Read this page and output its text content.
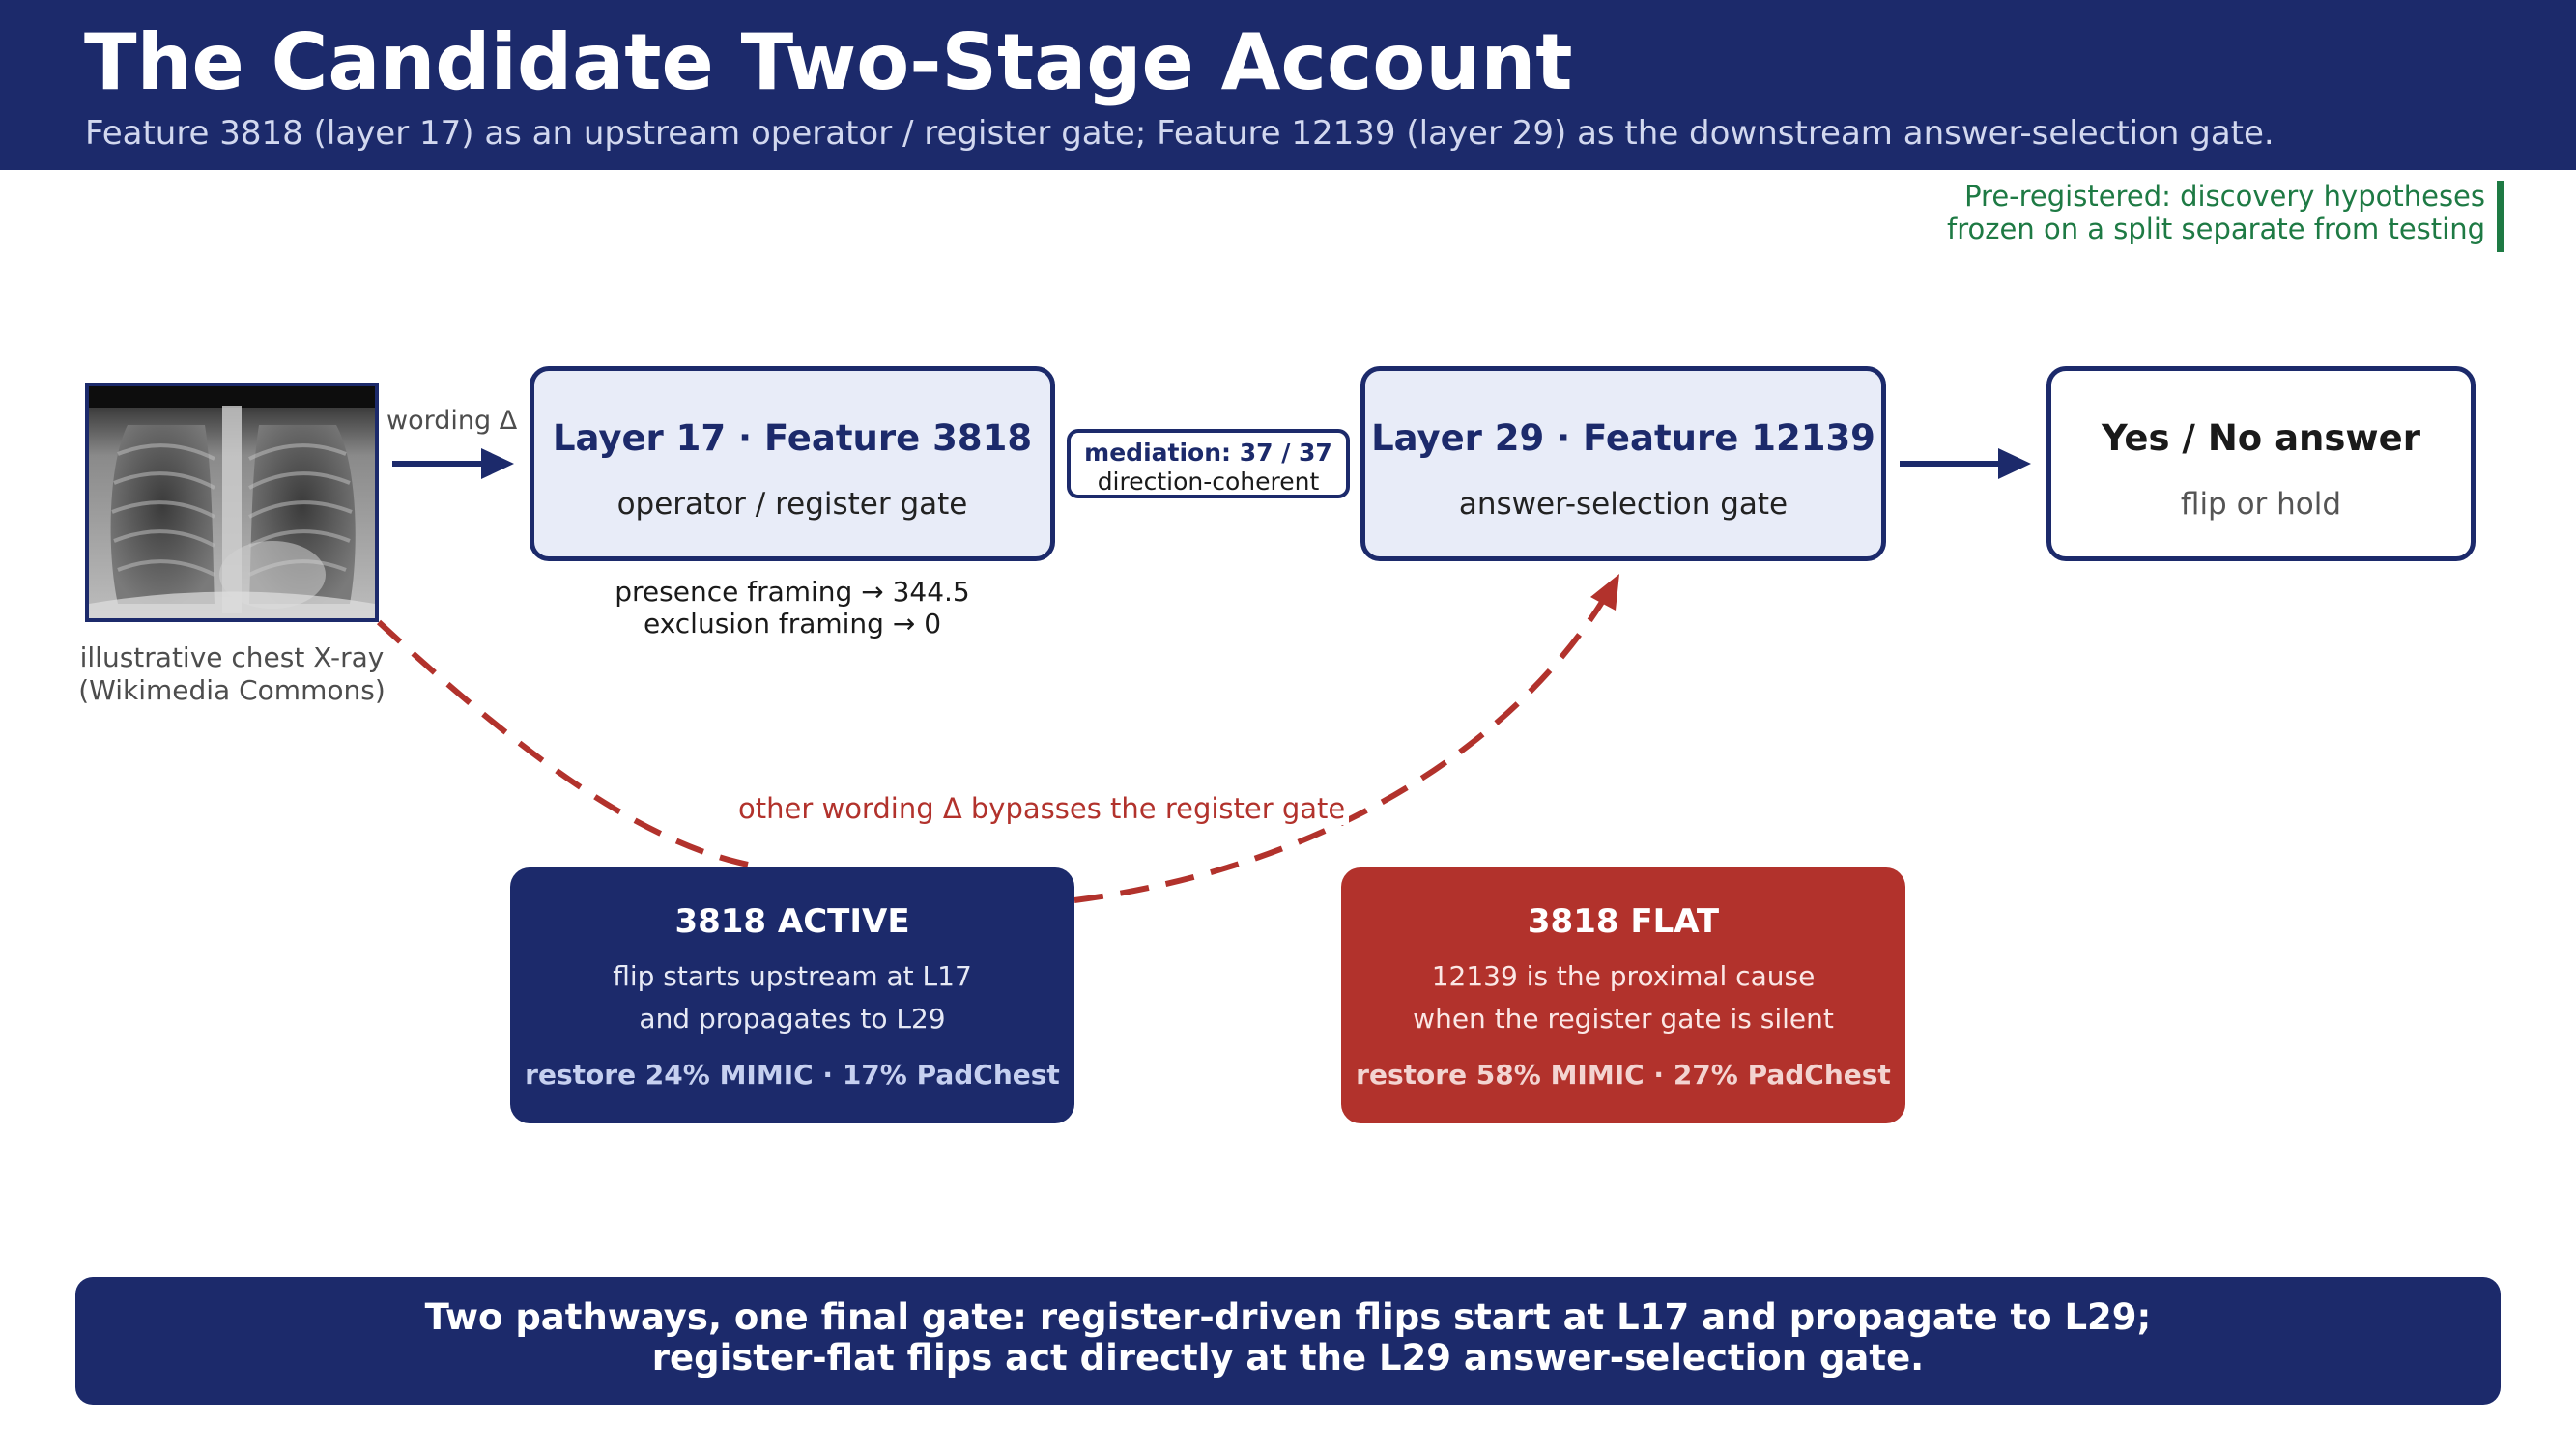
The Candidate Two-Stage Account
Feature 3818 (layer 17) as an upstream operator / register gate; Feature 12139 (layer 29) as the downstream answer-selection gate.
Pre-registered: discovery hypotheses
frozen on a split separate from testing
illustrative chest X-ray
(Wikimedia Commons)
wording Δ Layer 17 · Feature 3818
operator / register gate
presence framing → 344.5
exclusion framing → 0
mediation: 37 / 37
direction-coherent
Layer 29 · Feature 12139
answer-selection gate
Yes / No answer
flip or hold
other wording Δ bypasses the register gate
3818 ACTIVE
flip starts upstream at L17
and propagates to L29
restore 24% MIMIC · 17% PadChest
3818 FLAT
12139 is the proximal cause
when the register gate is silent
restore 58% MIMIC · 27% PadChest
Two pathways, one final gate: register-driven flips start at L17 and propagate to L29;
register-flat flips act directly at the L29 answer-selection gate.
